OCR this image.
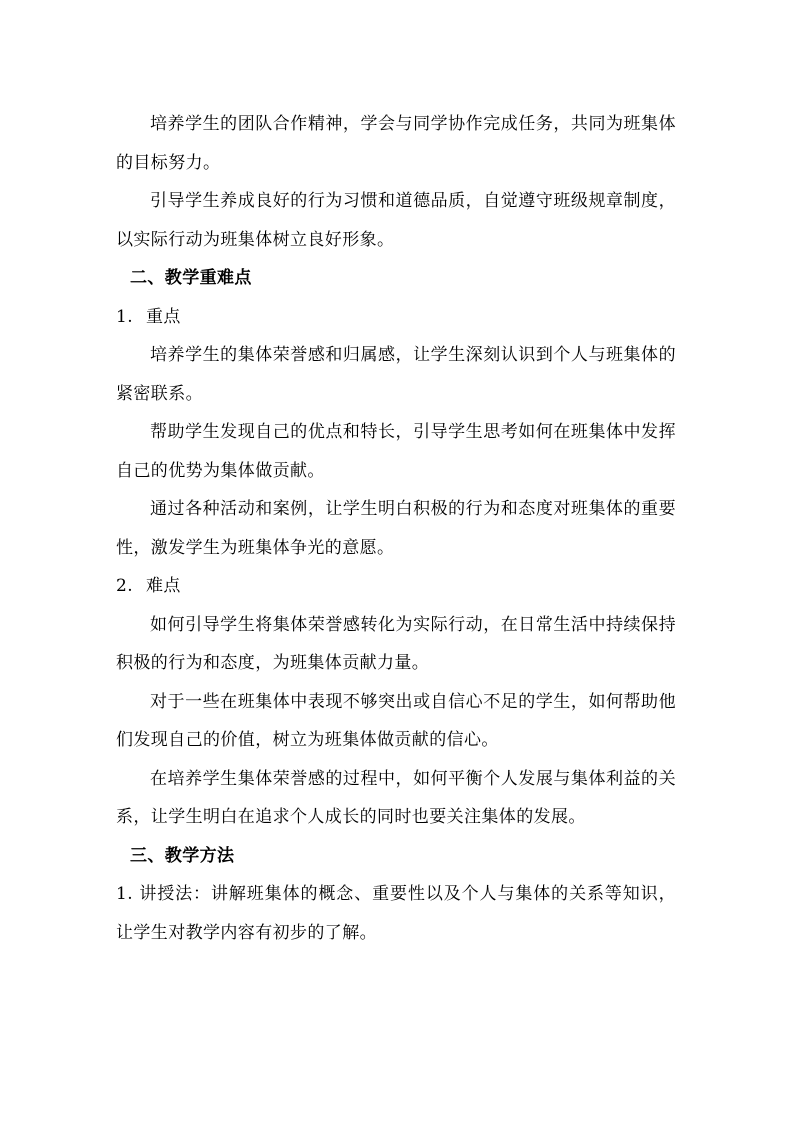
培养学生的团队合作精神，学会与同学协作完成任务，共同为班集体的目标努力。

引导学生养成良好的行为习惯和道德品质，自觉遵守班级规章制度，以实际行动为班集体树立良好形象。

二、教学重难点

1. 重点

培养学生的集体荣誉感和归属感，让学生深刻认识到个人与班集体的紧密联系。

帮助学生发现自己的优点和特长，引导学生思考如何在班集体中发挥自己的优势为集体做贡献。

通过各种活动和案例，让学生明白积极的行为和态度对班集体的重要性，激发学生为班集体争光的意愿。

2. 难点

如何引导学生将集体荣誉感转化为实际行动，在日常生活中持续保持积极的行为和态度，为班集体贡献力量。

对于一些在班集体中表现不够突出或自信心不足的学生，如何帮助他们发现自己的价值，树立为班集体做贡献的信心。

在培养学生集体荣誉感的过程中，如何平衡个人发展与集体利益的关系，让学生明白在追求个人成长的同时也要关注集体的发展。

三、教学方法

1. 讲授法：讲解班集体的概念、重要性以及个人与集体的关系等知识，让学生对教学内容有初步的了解。
